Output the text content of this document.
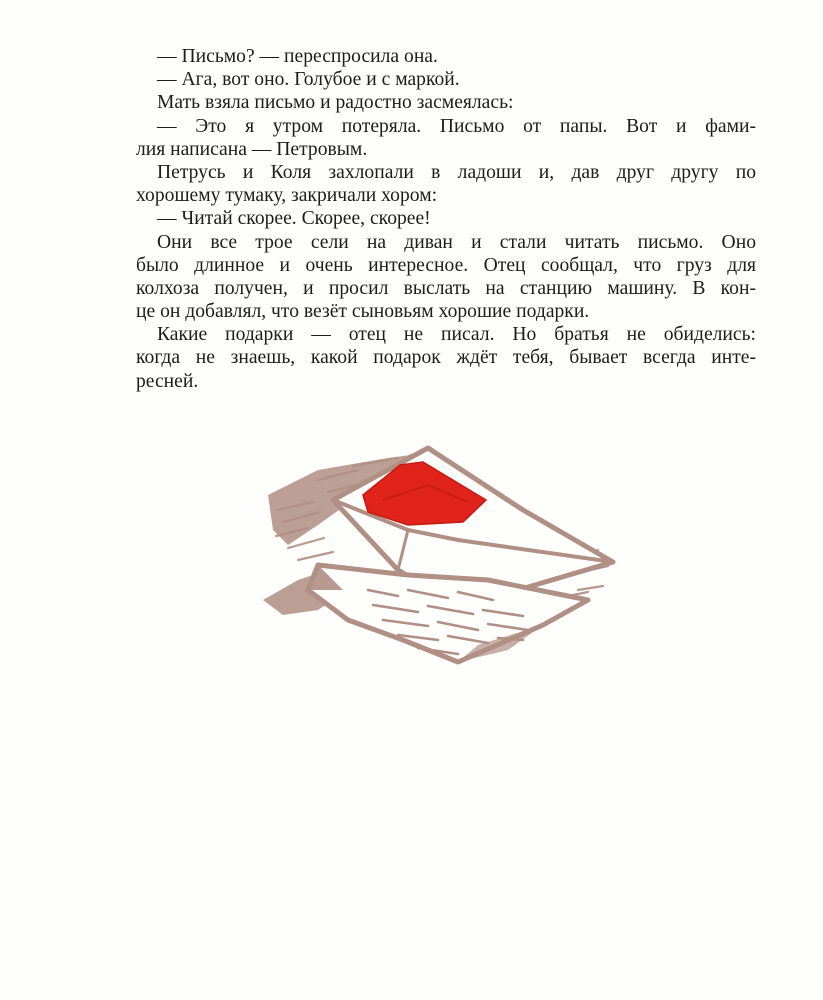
— Письмо? — переспросила она.
— Ага, вот оно. Голубое и с маркой.
Мать взяла письмо и радостно засмеялась:
— Это я утром потеряла. Письмо от папы. Вот и фами-
лия написана — Петровым.
Петрусь и Коля захлопали в ладоши и, дав друг другу по
хорошему тумаку, закричали хором:
— Читай скорее. Скорее, скорее!
Они все трое сели на диван и стали читать письмо. Оно
было длинное и очень интересное. Отец сообщал, что груз для
колхоза получен, и просил выслать на станцию машину. В кон-
це он добавлял, что везёт сыновьям хорошие подарки.
Какие подарки — отец не писал. Но братья не обиделись:
когда не знаешь, какой подарок ждёт тебя, бывает всегда инте-
ресней.
